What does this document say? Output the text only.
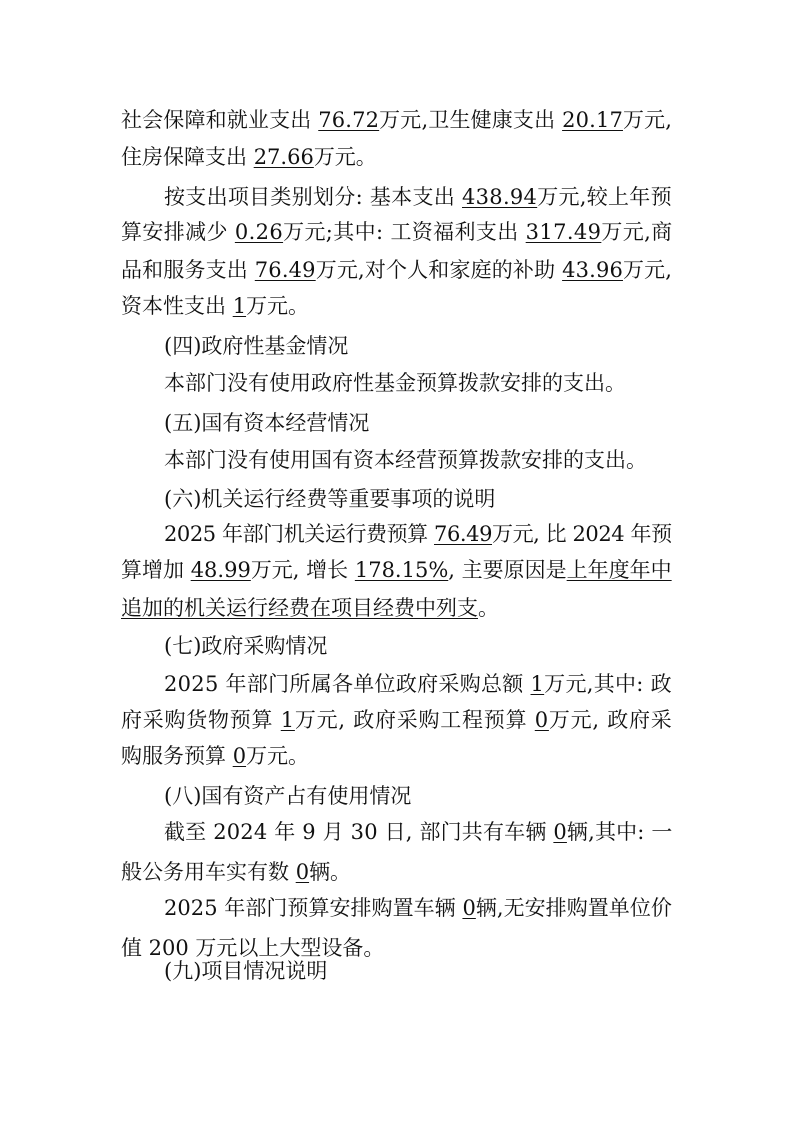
社会保障和就业支出 76.72万元,卫生健康支出 20.17万元,
住房保障支出 27.66万元。
按支出项目类别划分: 基本支出 438.94万元,较上年预
算安排减少 0.26万元;其中: 工资福利支出 317.49万元,商
品和服务支出 76.49万元,对个人和家庭的补助 43.96万元,
资本性支出 1万元。
(四)政府性基金情况
本部门没有使用政府性基金预算拨款安排的支出。
(五)国有资本经营情况
本部门没有使用国有资本经营预算拨款安排的支出。
(六)机关运行经费等重要事项的说明
2025 年部门机关运行费预算 76.49万元, 比 2024 年预
算增加 48.99万元, 增长 178.15%, 主要原因是上年度年中
追加的机关运行经费在项目经费中列支。
(七)政府采购情况
2025 年部门所属各单位政府采购总额 1万元,其中: 政
府采购货物预算 1万元, 政府采购工程预算 0万元, 政府采
购服务预算 0万元。
(八)国有资产占有使用情况
截至 2024 年 9 月 30 日, 部门共有车辆 0辆,其中: 一
般公务用车实有数 0辆。
2025 年部门预算安排购置车辆 0辆,无安排购置单位价
值 200 万元以上大型设备。
(九)项目情况说明
